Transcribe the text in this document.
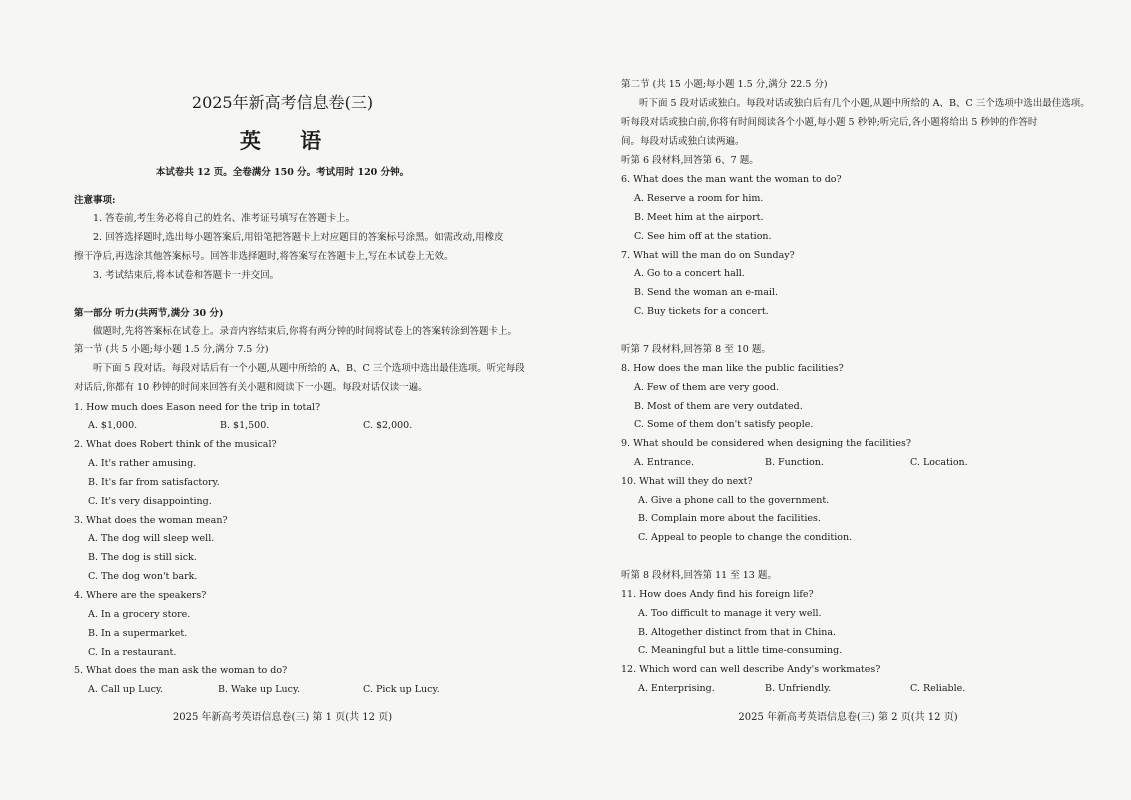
2025年新高考信息卷(三)
英 语
本试卷共 12 页。全卷满分 150 分。考试用时 120 分钟。
注意事项:
1. 答卷前,考生务必将自己的姓名、准考证号填写在答题卡上。
2. 回答选择题时,选出每小题答案后,用铅笔把答题卡上对应题目的答案标号涂黑。如需改动,用橡皮
擦干净后,再选涂其他答案标号。回答非选择题时,将答案写在答题卡上,写在本试卷上无效。
3. 考试结束后,将本试卷和答题卡一并交回。
第一部分 听力(共两节,满分 30 分)
做题时,先将答案标在试卷上。录音内容结束后,你将有两分钟的时间将试卷上的答案转涂到答题卡上。
第一节 (共 5 小题;每小题 1.5 分,满分 7.5 分)
听下面 5 段对话。每段对话后有一个小题,从题中所给的 A、B、C 三个选项中选出最佳选项。听完每段
对话后,你都有 10 秒钟的时间来回答有关小题和阅读下一小题。每段对话仅读一遍。
1. How much does Eason need for the trip in total?
A. $1,000.	B. $1,500.	C. $2,000.
2. What does Robert think of the musical?
A. It's rather amusing.
B. It's far from satisfactory.
C. It's very disappointing.
3. What does the woman mean?
A. The dog will sleep well.
B. The dog is still sick.
C. The dog won't bark.
4. Where are the speakers?
A. In a grocery store.
B. In a supermarket.
C. In a restaurant.
5. What does the man ask the woman to do?
A. Call up Lucy.	B. Wake up Lucy.	C. Pick up Lucy.
2025 年新高考英语信息卷(三) 第 1 页(共 12 页)
第二节 (共 15 小题;每小题 1.5 分,满分 22.5 分)
听下面 5 段对话或独白。每段对话或独白后有几个小题,从题中所给的 A、B、C 三个选项中选出最佳选项。
听每段对话或独白前,你将有时间阅读各个小题,每小题 5 秒钟;听完后,各小题将给出 5 秒钟的作答时
间。每段对话或独白读两遍。
听第 6 段材料,回答第 6、7 题。
6. What does the man want the woman to do?
A. Reserve a room for him.
B. Meet him at the airport.
C. See him off at the station.
7. What will the man do on Sunday?
A. Go to a concert hall.
B. Send the woman an e-mail.
C. Buy tickets for a concert.
听第 7 段材料,回答第 8 至 10 题。
8. How does the man like the public facilities?
A. Few of them are very good.
B. Most of them are very outdated.
C. Some of them don't satisfy people.
9. What should be considered when designing the facilities?
A. Entrance.	B. Function.	C. Location.
10. What will they do next?
A. Give a phone call to the government.
B. Complain more about the facilities.
C. Appeal to people to change the condition.
听第 8 段材料,回答第 11 至 13 题。
11. How does Andy find his foreign life?
A. Too difficult to manage it very well.
B. Altogether distinct from that in China.
C. Meaningful but a little time-consuming.
12. Which word can well describe Andy's workmates?
A. Enterprising.	B. Unfriendly.	C. Reliable.
2025 年新高考英语信息卷(三) 第 2 页(共 12 页)
